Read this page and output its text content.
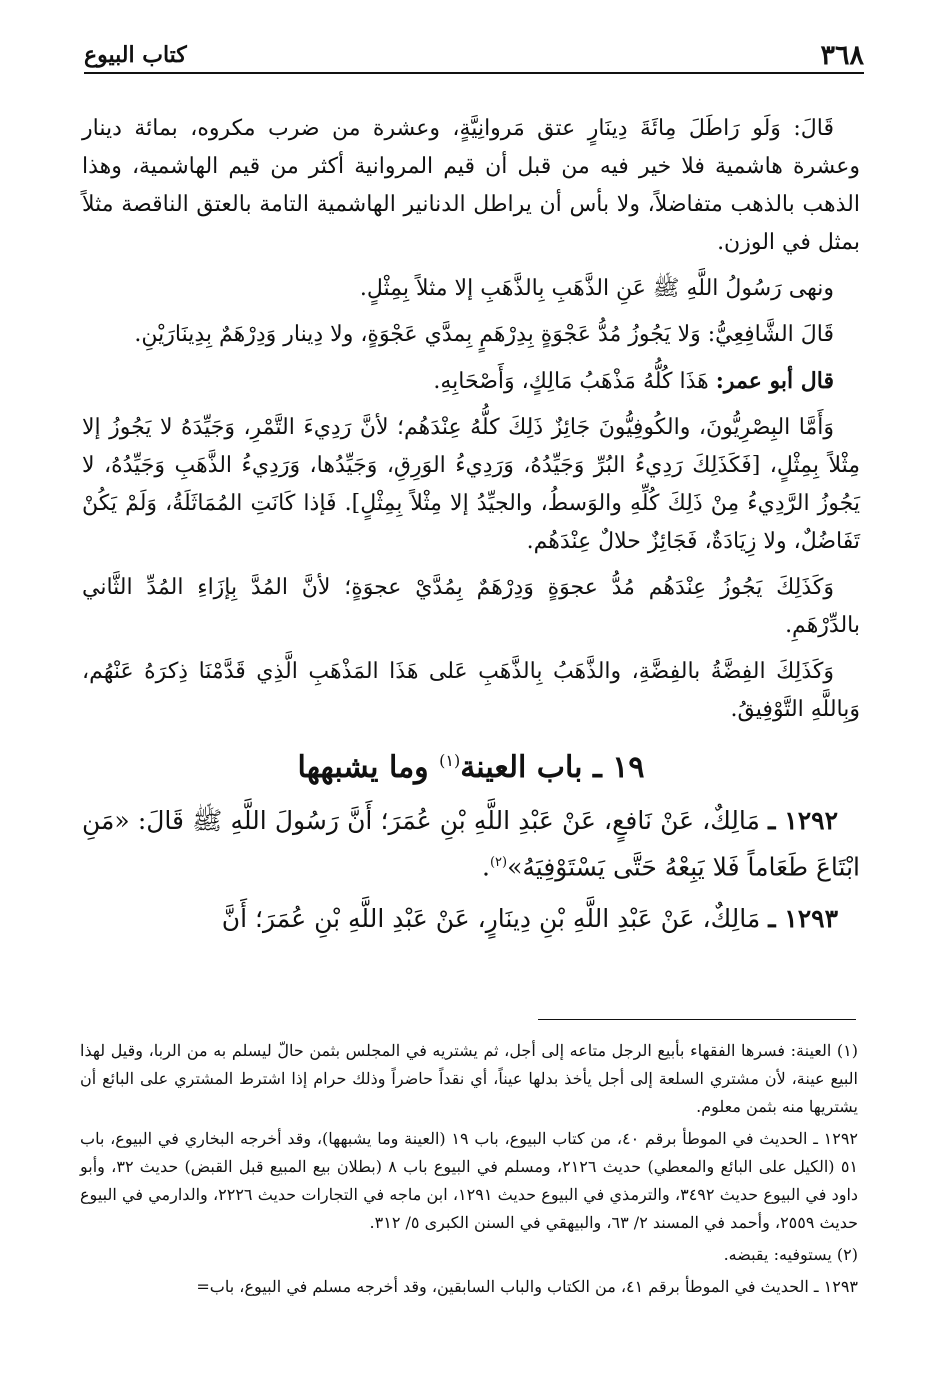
٣٦٨
كتاب البيوع

قَالَ: وَلَو رَاطَلَ مِائَةَ دِينَارٍ عتق مَروانِيَّةٍ، وعشرة من ضرب مكروه، بمائة دينار وعشرة هاشمية فلا خير فيه من قبل أن قيم المروانية أكثر من قيم الهاشمية، وهذا الذهب بالذهب متفاضلاً، ولا بأس أن يراطل الدنانير الهاشمية التامة بالعتق الناقصة مثلاً بمثل في الوزن.

ونهى رَسُولُ اللَّهِ ﷺ عَنِ الذَّهَبِ بِالذَّهَبِ إلا مثلاً بِمِثْلٍ.

قَالَ الشَّافِعِيُّ: وَلا يَجُوزُ مُدُّ عَجْوَةٍ بِدِرْهَمٍ بِمدَّي عَجْوَةٍ، ولا دِينار وَدِرْهَمٌ بِدِينَارَيْنِ.

قال أبو عمر: هَذَا كُلُّهُ مَذْهَبُ مَالِكٍ، وَأَصْحَابِهِ.

وَأَمَّا البِصْرِيُّونَ، والكُوفِيُّونَ جَائِزٌ ذَلِكَ كلُّهُ عِنْدَهُم؛ لأنَّ رَدِيءَ التَّمْرِ، وَجَيِّدَهُ لا يَجُوزُ إلا مِثْلاً بِمِثْلٍ، [فَكَذَلِكَ رَدِيءُ البُرِّ وَجَيِّدُهُ، وَرَدِيءُ الوَرِقِ، وَجَيِّدُها، وَرَدِيءُ الذَّهَبِ وَجَيِّدُهُ، لا يَجُوزُ الرَّدِيءُ مِنْ ذَلِكَ كُلِّهِ والوَسطُ، والجيِّدُ إلا مِثْلاً بِمِثْلٍ]. فَإذا كَانَتِ المُمَاثَلَةُ، وَلَمْ يَكُنْ تَفَاضُلٌ، ولا زِيَادَةٌ، فَجَائِزٌ حلالٌ عِنْدَهُم.

وَكَذَلِكَ يَجُوزُ عِنْدَهُم مُدُّ عجوَةٍ وَدِرْهَمٌ بِمُدَّيْ عجوَةٍ؛ لأنَّ المُدَّ بِإزَاءِ المُدِّ الثَّاني بالدِّرْهَمِ.

وَكَذَلِكَ الفِضَّةُ بالفِضَّةِ، والذَّهَبُ بِالذَّهَبِ عَلى هَذَا المَذْهَبِ الَّذِي قَدَّمْنَا ذِكرَهُ عَنْهُم، وَبِاللَّهِ التَّوْفِيقُ.

١٩ ـ باب العينة$^{(١)}$ وما يشبهها

١٢٩٢ ـ مَالِكٌ، عَنْ نَافعٍ، عَنْ عَبْدِ اللَّهِ بْنِ عُمَرَ؛ أَنَّ رَسُولَ اللَّهِ ﷺ قَالَ: «مَنِ ابْتَاعَ طَعَاماً فَلا يَبِعْهُ حَتَّى يَسْتَوْفِيَهُ»$^{(٢)}$.

١٢٩٣ ـ مَالِكٌ، عَنْ عَبْدِ اللَّهِ بْنِ دِينَارٍ، عَنْ عَبْدِ اللَّهِ بْنِ عُمَرَ؛ أَنَّ

(١) العينة: فسرها الفقهاء بأبيع الرجل متاعه إلى أجل، ثم يشتريه في المجلس بثمن حالّ ليسلم به من الربا، وقيل لهذا البيع عينة، لأن مشتري السلعة إلى أجل يأخذ بدلها عيناً، أي نقداً حاضراً وذلك حرام إذا اشترط المشتري على البائع أن يشتريها منه بثمن معلوم.

١٢٩٢ ـ الحديث في الموطأ برقم ٤٠، من كتاب البيوع، باب ١٩ (العينة وما يشبهها)، وقد أخرجه البخاري في البيوع، باب ٥١ (الكيل على البائع والمعطي) حديث ٢١٢٦، ومسلم في البيوع باب ٨ (بطلان بيع المبيع قبل القبض) حديث ٣٢، وأبو داود في البيوع حديث ٣٤٩٢، والترمذي في البيوع حديث ١٢٩١، ابن ماجه في التجارات حديث ٢٢٢٦، والدارمي في البيوع حديث ٢٥٥٩، وأحمد في المسند ٢/ ٦٣، والبيهقي في السنن الكبرى ٥/ ٣١٢.

(٢) يستوفيه: يقبضه.

١٢٩٣ ـ الحديث في الموطأ برقم ٤١، من الكتاب والباب السابقين، وقد أخرجه مسلم في البيوع، باب=
